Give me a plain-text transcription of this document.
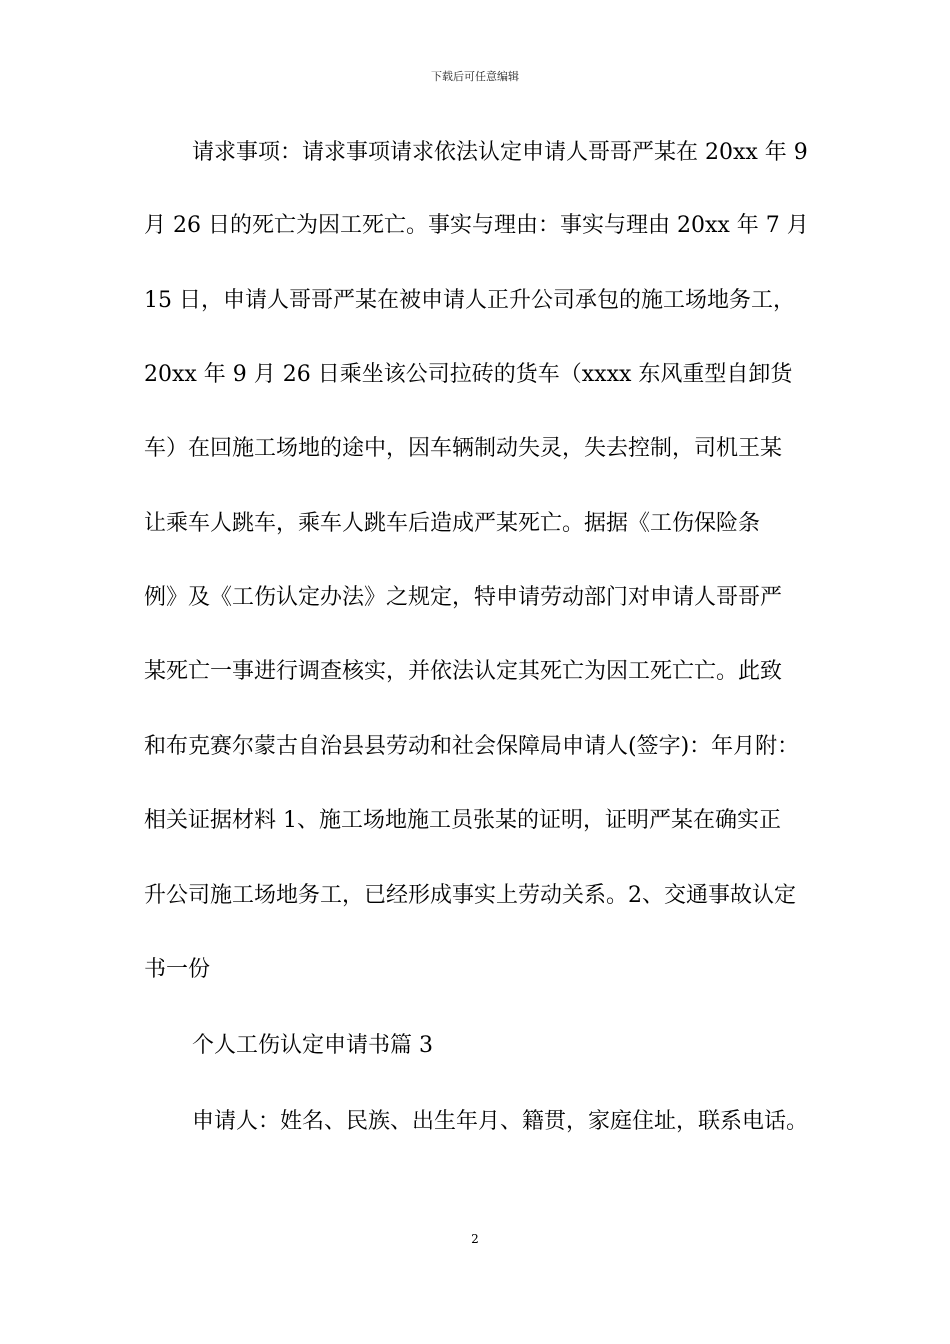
下载后可任意编辑
请求事项：请求事项请求依法认定申请人哥哥严某在 20xx 年 9
月 26 日的死亡为因工死亡。事实与理由：事实与理由 20xx 年 7 月
15 日，申请人哥哥严某在被申请人正升公司承包的施工场地务工，
20xx 年 9 月 26 日乘坐该公司拉砖的货车（xxxx 东风重型自卸货
车）在回施工场地的途中，因车辆制动失灵，失去控制，司机王某
让乘车人跳车，乘车人跳车后造成严某死亡。据据《工伤保险条
例》及《工伤认定办法》之规定，特申请劳动部门对申请人哥哥严
某死亡一事进行调查核实，并依法认定其死亡为因工死亡亡。此致
和布克赛尔蒙古自治县县劳动和社会保障局申请人(签字)：年月附：
相关证据材料 1、施工场地施工员张某的证明，证明严某在确实正
升公司施工场地务工，已经形成事实上劳动关系。2、交通事故认定
书一份
个人工伤认定申请书篇 3
申请人：姓名、民族、出生年月、籍贯，家庭住址，联系电话。
2
